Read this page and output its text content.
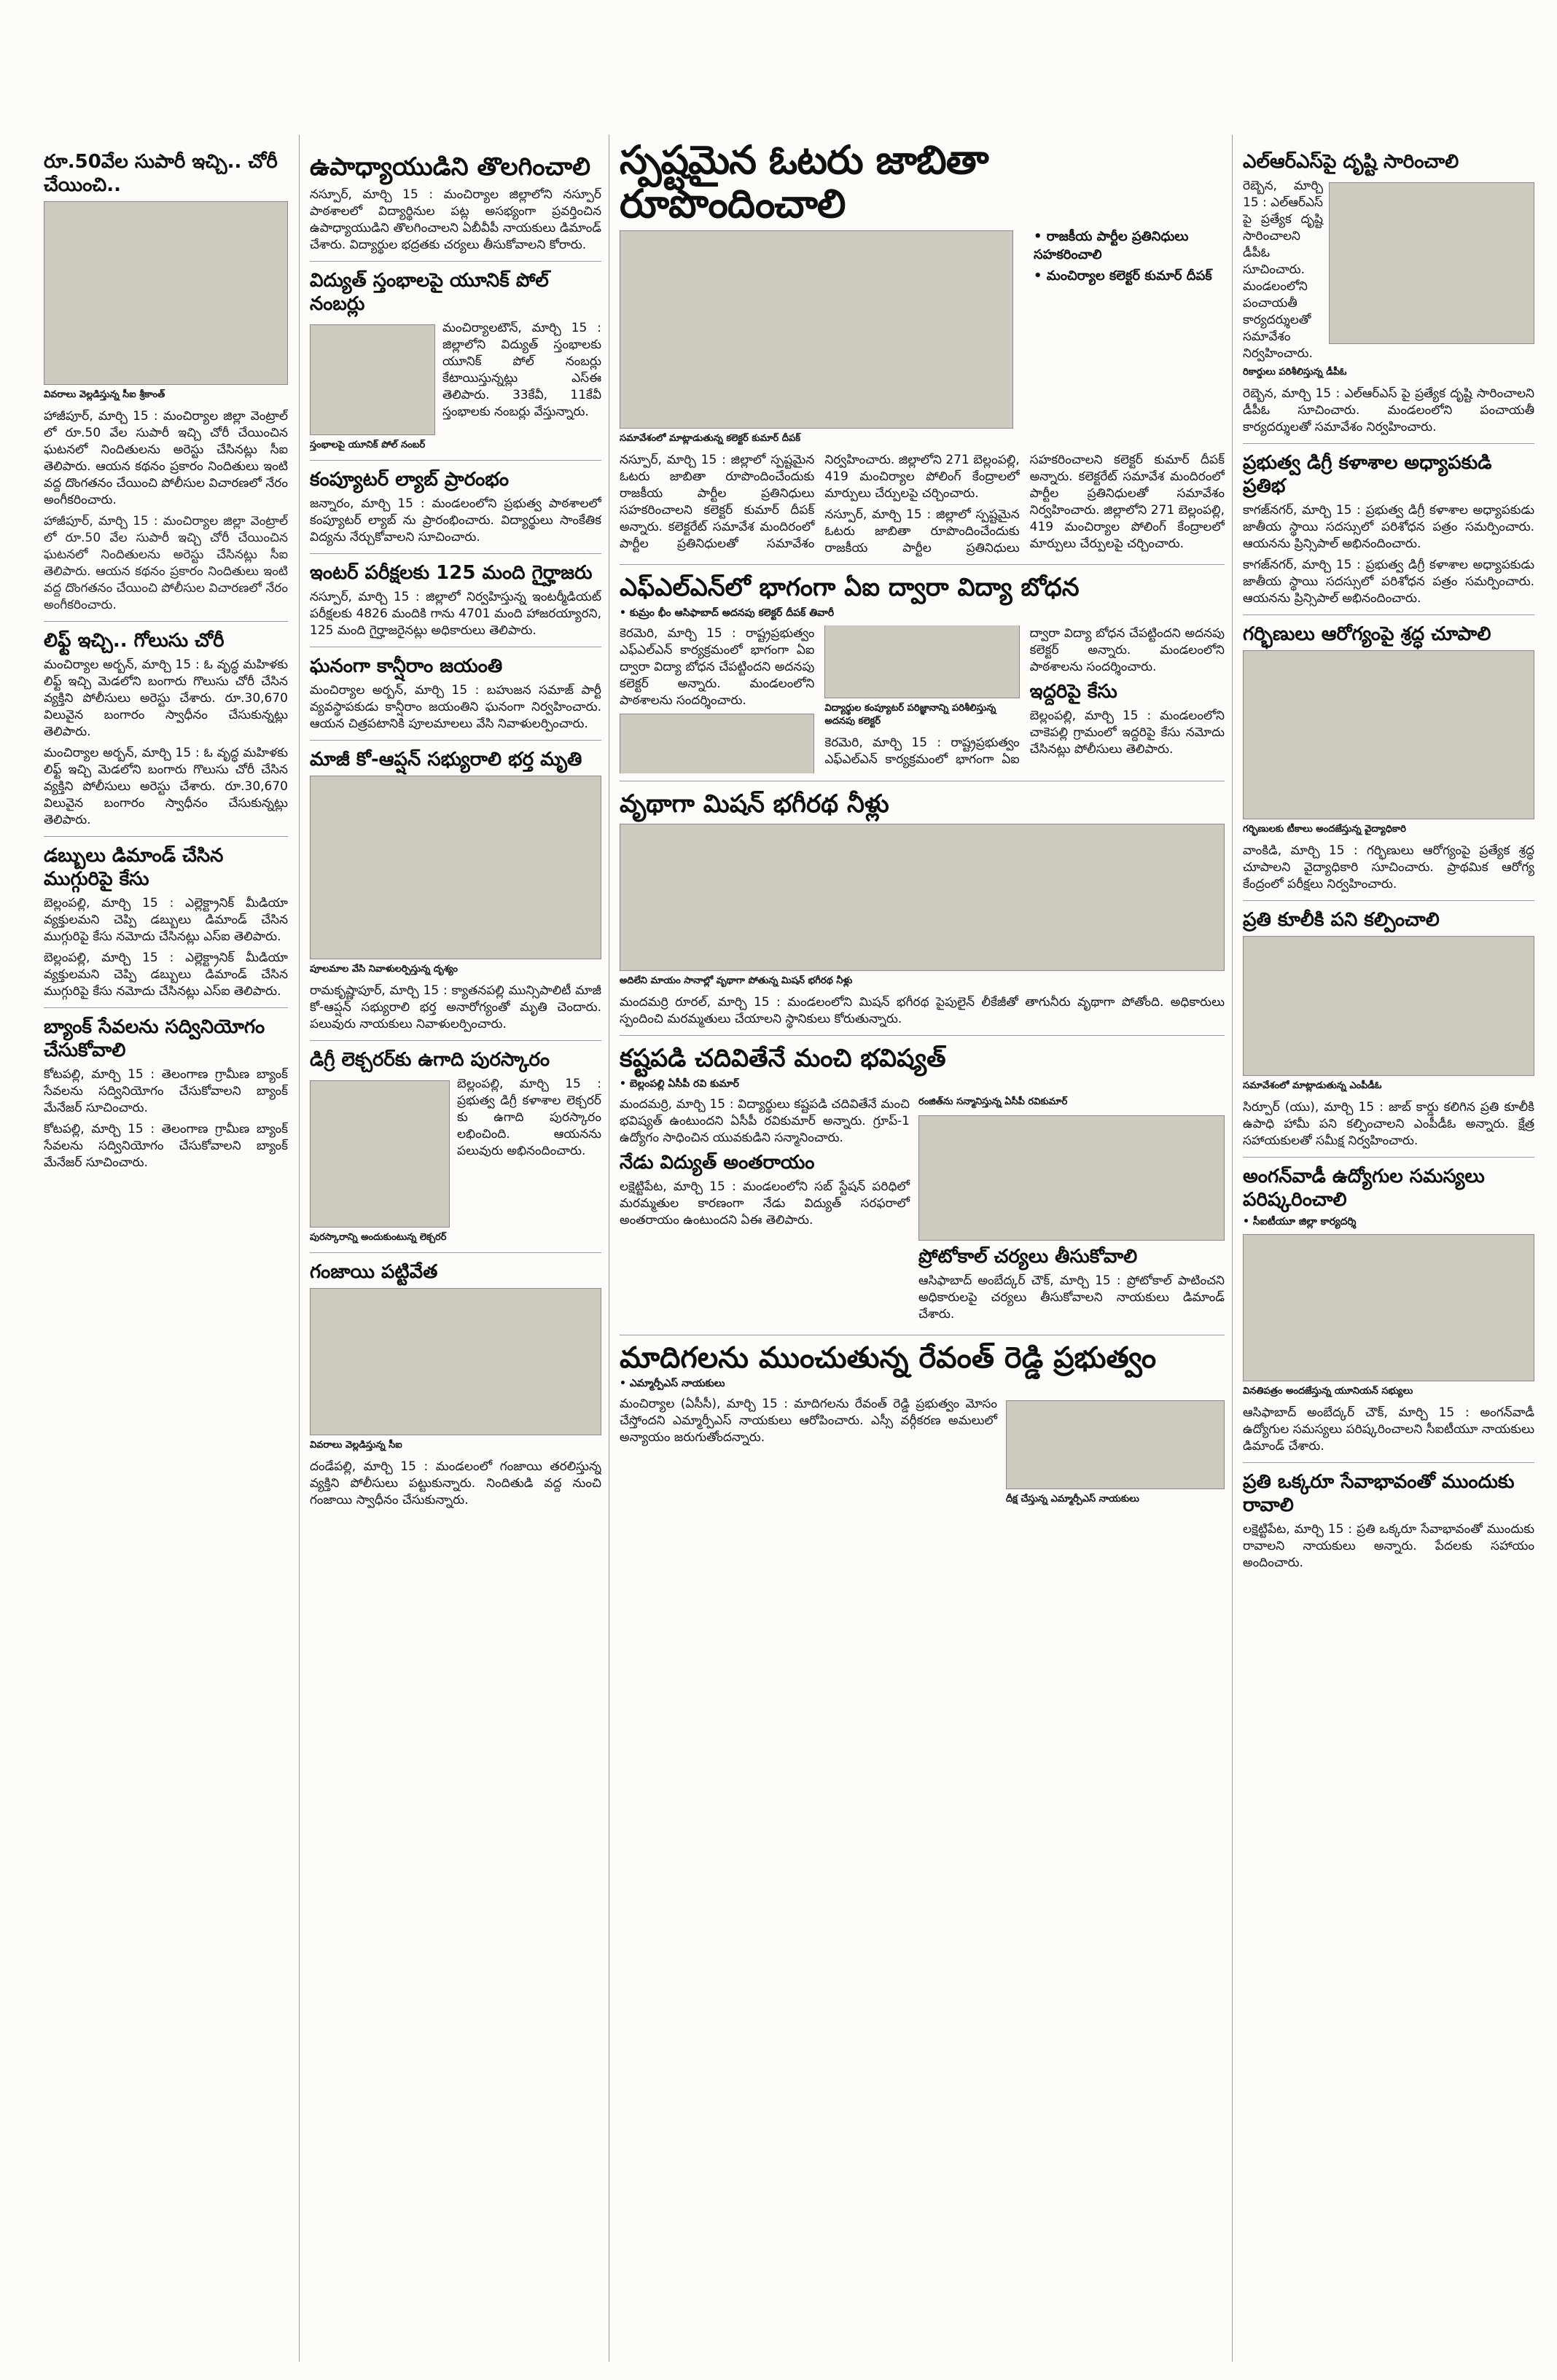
రూ.50వేల సుపారీ ఇచ్చి.. చోరీ చేయించి..
వివరాలు వెల్లడిస్తున్న సీఐ శ్రీకాంత్

హాజీపూర్, మార్చి 15 : మంచిర్యాల జిల్లా వెంట్రాల్ లో రూ.50 వేల సుపారీ ఇచ్చి చోరీ చేయించిన ఘటనలో నిందితులను అరెస్టు చేసినట్లు సీఐ తెలిపారు. ఆయన కథనం ప్రకారం నిందితులు ఇంటి వద్ద దొంగతనం చేయించి పోలీసుల విచారణలో నేరం అంగీకరించారు.

హాజీపూర్, మార్చి 15 : మంచిర్యాల జిల్లా వెంట్రాల్ లో రూ.50 వేల సుపారీ ఇచ్చి చోరీ చేయించిన ఘటనలో నిందితులను అరెస్టు చేసినట్లు సీఐ తెలిపారు. ఆయన కథనం ప్రకారం నిందితులు ఇంటి వద్ద దొంగతనం చేయించి పోలీసుల విచారణలో నేరం అంగీకరించారు.

లిఫ్ట్ ఇచ్చి.. గోలుసు చోరీ

మంచిర్యాల అర్బన్, మార్చి 15 : ఓ వృద్ధ మహిళకు లిఫ్ట్ ఇచ్చి మెడలోని బంగారు గొలుసు చోరీ చేసిన వ్యక్తిని పోలీసులు అరెస్టు చేశారు. రూ.30,670 విలువైన బంగారం స్వాధీనం చేసుకున్నట్లు తెలిపారు.

మంచిర్యాల అర్బన్, మార్చి 15 : ఓ వృద్ధ మహిళకు లిఫ్ట్ ఇచ్చి మెడలోని బంగారు గొలుసు చోరీ చేసిన వ్యక్తిని పోలీసులు అరెస్టు చేశారు. రూ.30,670 విలువైన బంగారం స్వాధీనం చేసుకున్నట్లు తెలిపారు.

డబ్బులు డిమాండ్ చేసిన ముగ్గురిపై కేసు

బెల్లంపల్లి, మార్చి 15 : ఎల్లెక్ట్రానిక్ మీడియా వ్యక్తులమని చెప్పి డబ్బులు డిమాండ్ చేసిన ముగ్గురిపై కేసు నమోదు చేసినట్లు ఎస్ఐ తెలిపారు.

బెల్లంపల్లి, మార్చి 15 : ఎల్లెక్ట్రానిక్ మీడియా వ్యక్తులమని చెప్పి డబ్బులు డిమాండ్ చేసిన ముగ్గురిపై కేసు నమోదు చేసినట్లు ఎస్ఐ తెలిపారు.

బ్యాంక్ సేవలను సద్వినియోగం చేసుకోవాలి

కోటపల్లి, మార్చి 15 : తెలంగాణ గ్రామీణ బ్యాంక్ సేవలను సద్వినియోగం చేసుకోవాలని బ్యాంక్ మేనేజర్ సూచించారు.

కోటపల్లి, మార్చి 15 : తెలంగాణ గ్రామీణ బ్యాంక్ సేవలను సద్వినియోగం చేసుకోవాలని బ్యాంక్ మేనేజర్ సూచించారు.

ఉపాధ్యాయుడిని తొలగించాలి

నస్పూర్, మార్చి 15 : మంచిర్యాల జిల్లాలోని నస్పూర్ పాఠశాలలో విద్యార్థినుల పట్ల అసభ్యంగా ప్రవర్తించిన ఉపాధ్యాయుడిని తొలగించాలని ఏబీవీపీ నాయకులు డిమాండ్ చేశారు. విద్యార్థుల భద్రతకు చర్యలు తీసుకోవాలని కోరారు.

విద్యుత్ స్తంభాలపై యూనిక్ పోల్ నంబర్లు

మంచిర్యాలటౌన్, మార్చి 15 : జిల్లాలోని విద్యుత్ స్తంభాలకు యూనిక్ పోల్ నంబర్లు కేటాయిస్తున్నట్లు ఎస్ఈ తెలిపారు. 33కేవీ, 11కేవీ స్తంభాలకు నంబర్లు వేస్తున్నారు.

స్తంభాలపై యూనిక్ పోల్ నంబర్
కంప్యూటర్ ల్యాబ్ ప్రారంభం

జన్నారం, మార్చి 15 : మండలంలోని ప్రభుత్వ పాఠశాలలో కంప్యూటర్ ల్యాబ్ ను ప్రారంభించారు. విద్యార్థులు సాంకేతిక విద్యను నేర్చుకోవాలని సూచించారు.

ఇంటర్ పరీక్షలకు 125 మంది గైర్హాజరు

నస్పూర్, మార్చి 15 : జిల్లాలో నిర్వహిస్తున్న ఇంటర్మీడియట్ పరీక్షలకు 4826 మందికి గాను 4701 మంది హాజరయ్యారని, 125 మంది గైర్హాజరైనట్లు అధికారులు తెలిపారు.

ఘనంగా కాన్షీరాం జయంతి

మంచిర్యాల అర్బన్, మార్చి 15 : బహుజన సమాజ్ పార్టీ వ్యవస్థాపకుడు కాన్షీరాం జయంతిని ఘనంగా నిర్వహించారు. ఆయన చిత్రపటానికి పూలమాలలు వేసి నివాళులర్పించారు.

మాజీ కో-ఆప్షన్ సభ్యురాలి భర్త మృతి
పూలమాల వేసి నివాళులర్పిస్తున్న దృశ్యం

రామకృష్ణాపూర్, మార్చి 15 : క్యాతనపల్లి మున్సిపాలిటీ మాజీ కో-ఆప్షన్ సభ్యురాలి భర్త అనారోగ్యంతో మృతి చెందారు. పలువురు నాయకులు నివాళులర్పించారు.

డిగ్రీ లెక్చరర్‌కు ఉగాది పురస్కారం

బెల్లంపల్లి, మార్చి 15 : ప్రభుత్వ డిగ్రీ కళాశాల లెక్చరర్ కు ఉగాది పురస్కారం లభించింది. ఆయనను పలువురు అభినందించారు.

పురస్కారాన్ని అందుకుంటున్న లెక్చరర్
గంజాయి పట్టివేత
వివరాలు వెల్లడిస్తున్న సీఐ

దండేపల్లి, మార్చి 15 : మండలంలో గంజాయి తరలిస్తున్న వ్యక్తిని పోలీసులు పట్టుకున్నారు. నిందితుడి వద్ద నుంచి గంజాయి స్వాధీనం చేసుకున్నారు.

స్పష్టమైన ఓటరు జాబితా రూపొందించాలి
• రాజకీయ పార్టీల ప్రతినిధులు సహకరించాలి
• మంచిర్యాల కలెక్టర్ కుమార్ దీపక్
సమావేశంలో మాట్లాడుతున్న కలెక్టర్ కుమార్ దీపక్

నస్పూర్, మార్చి 15 : జిల్లాలో స్పష్టమైన ఓటరు జాబితా రూపొందించేందుకు రాజకీయ పార్టీల ప్రతినిధులు సహకరించాలని కలెక్టర్ కుమార్ దీపక్ అన్నారు. కలెక్టరేట్ సమావేశ మందిరంలో పార్టీల ప్రతినిధులతో సమావేశం నిర్వహించారు. జిల్లాలోని 271 బెల్లంపల్లి, 419 మంచిర్యాల పోలింగ్ కేంద్రాలలో మార్పులు చేర్పులపై చర్చించారు.

నస్పూర్, మార్చి 15 : జిల్లాలో స్పష్టమైన ఓటరు జాబితా రూపొందించేందుకు రాజకీయ పార్టీల ప్రతినిధులు సహకరించాలని కలెక్టర్ కుమార్ దీపక్ అన్నారు. కలెక్టరేట్ సమావేశ మందిరంలో పార్టీల ప్రతినిధులతో సమావేశం నిర్వహించారు. జిల్లాలోని 271 బెల్లంపల్లి, 419 మంచిర్యాల పోలింగ్ కేంద్రాలలో మార్పులు చేర్పులపై చర్చించారు.

ఎఫ్ఎల్ఎన్‌లో భాగంగా ఏఐ ద్వారా విద్యా బోధన
• కుమ్రం భీం ఆసిఫాబాద్ అదనపు కలెక్టర్ దీపక్ తివారీ

కెరమెరి, మార్చి 15 : రాష్ట్రప్రభుత్వం ఎఫ్ఎల్ఎన్ కార్యక్రమంలో భాగంగా ఏఐ ద్వారా విద్యా బోధన చేపట్టిందని అదనపు కలెక్టర్ అన్నారు. మండలంలోని పాఠశాలను సందర్శించారు.

విద్యార్థుల కంప్యూటర్ పరిజ్ఞానాన్ని పరిశీలిస్తున్న అదనపు కలెక్టర్

కెరమెరి, మార్చి 15 : రాష్ట్రప్రభుత్వం ఎఫ్ఎల్ఎన్ కార్యక్రమంలో భాగంగా ఏఐ ద్వారా విద్యా బోధన చేపట్టిందని అదనపు కలెక్టర్ అన్నారు. మండలంలోని పాఠశాలను సందర్శించారు.

ఇద్దరిపై కేసు

బెల్లంపల్లి, మార్చి 15 : మండలంలోని చాకెపల్లి గ్రామంలో ఇద్దరిపై కేసు నమోదు చేసినట్లు పోలీసులు తెలిపారు.

వృథాగా మిషన్ భగీరథ నీళ్లు
అదిలేని మాయం సానాల్లో వృథాగా పోతున్న మిషన్ భగీరథ నీళ్లు

మందమర్రి రూరల్, మార్చి 15 : మండలంలోని మిషన్ భగీరథ పైపులైన్ లీకేజీతో తాగునీరు వృథాగా పోతోంది. అధికారులు స్పందించి మరమ్మతులు చేయాలని స్థానికులు కోరుతున్నారు.

కష్టపడి చదివితేనే మంచి భవిష్యత్
• బెల్లంపల్లి ఏసీపీ రవి కుమార్

మందమర్రి, మార్చి 15 : విద్యార్థులు కష్టపడి చదివితేనే మంచి భవిష్యత్ ఉంటుందని ఏసీపీ రవికుమార్ అన్నారు. గ్రూప్-1 ఉద్యోగం సాధించిన యువకుడిని సన్మానించారు.

నేడు విద్యుత్ అంతరాయం

లక్షెట్టిపేట, మార్చి 15 : మండలంలోని సబ్ స్టేషన్ పరిధిలో మరమ్మతుల కారణంగా నేడు విద్యుత్ సరఫరాలో అంతరాయం ఉంటుందని ఏఈ తెలిపారు.

రంజిత్‌ను సన్మానిస్తున్న ఏసీపీ రవికుమార్
ప్రోటోకాల్ చర్యలు తీసుకోవాలి

ఆసిఫాబాద్ అంబేద్కర్ చౌక్, మార్చి 15 : ప్రోటోకాల్ పాటించని అధికారులపై చర్యలు తీసుకోవాలని నాయకులు డిమాండ్ చేశారు.

మాదిగలను ముంచుతున్న రేవంత్ రెడ్డి ప్రభుత్వం
• ఎమ్మార్పీఎస్ నాయకులు

మంచిర్యాల (ఏసీసీ), మార్చి 15 : మాదిగలను రేవంత్ రెడ్డి ప్రభుత్వం మోసం చేస్తోందని ఎమ్మార్పీఎస్ నాయకులు ఆరోపించారు. ఎస్సీ వర్గీకరణ అమలులో అన్యాయం జరుగుతోందన్నారు.

దీక్ష చేస్తున్న ఎమ్మార్పీఎస్ నాయకులు
ఎల్ఆర్ఎస్‌పై దృష్టి సారించాలి

రెబ్బెన, మార్చి 15 : ఎల్ఆర్ఎస్ పై ప్రత్యేక దృష్టి సారించాలని డీపీఓ సూచించారు. మండలంలోని పంచాయతీ కార్యదర్శులతో సమావేశం నిర్వహించారు.

రికార్డులు పరిశీలిస్తున్న డీపీఓ

రెబ్బెన, మార్చి 15 : ఎల్ఆర్ఎస్ పై ప్రత్యేక దృష్టి సారించాలని డీపీఓ సూచించారు. మండలంలోని పంచాయతీ కార్యదర్శులతో సమావేశం నిర్వహించారు.

ప్రభుత్వ డిగ్రీ కళాశాల అధ్యాపకుడి ప్రతిభ

కాగజ్‌నగర్, మార్చి 15 : ప్రభుత్వ డిగ్రీ కళాశాల అధ్యాపకుడు జాతీయ స్థాయి సదస్సులో పరిశోధన పత్రం సమర్పించారు. ఆయనను ప్రిన్సిపాల్ అభినందించారు.

కాగజ్‌నగర్, మార్చి 15 : ప్రభుత్వ డిగ్రీ కళాశాల అధ్యాపకుడు జాతీయ స్థాయి సదస్సులో పరిశోధన పత్రం సమర్పించారు. ఆయనను ప్రిన్సిపాల్ అభినందించారు.

గర్భిణులు ఆరోగ్యంపై శ్రద్ధ చూపాలి
గర్భిణులకు టీకాలు అందజేస్తున్న వైద్యాధికారి

వాంకిడి, మార్చి 15 : గర్భిణులు ఆరోగ్యంపై ప్రత్యేక శ్రద్ధ చూపాలని వైద్యాధికారి సూచించారు. ప్రాథమిక ఆరోగ్య కేంద్రంలో పరీక్షలు నిర్వహించారు.

ప్రతి కూలీకి పని కల్పించాలి
సమావేశంలో మాట్లాడుతున్న ఎంపీడీఓ

సిర్పూర్ (యు), మార్చి 15 : జాబ్ కార్డు కలిగిన ప్రతి కూలీకి ఉపాధి హామీ పని కల్పించాలని ఎంపీడీఓ అన్నారు. క్షేత్ర సహాయకులతో సమీక్ష నిర్వహించారు.

అంగన్‌వాడీ ఉద్యోగుల సమస్యలు పరిష్కరించాలి
• సీఐటీయూ జిల్లా కార్యదర్శి
వినతిపత్రం అందజేస్తున్న యూనియన్ సభ్యులు

ఆసిఫాబాద్ అంబేద్కర్ చౌక్, మార్చి 15 : అంగన్‌వాడీ ఉద్యోగుల సమస్యలు పరిష్కరించాలని సీఐటీయూ నాయకులు డిమాండ్ చేశారు.

ప్రతి ఒక్కరూ సేవాభావంతో ముందుకు రావాలి

లక్షెట్టిపేట, మార్చి 15 : ప్రతి ఒక్కరూ సేవాభావంతో ముందుకు రావాలని నాయకులు అన్నారు. పేదలకు సహాయం అందించారు.
